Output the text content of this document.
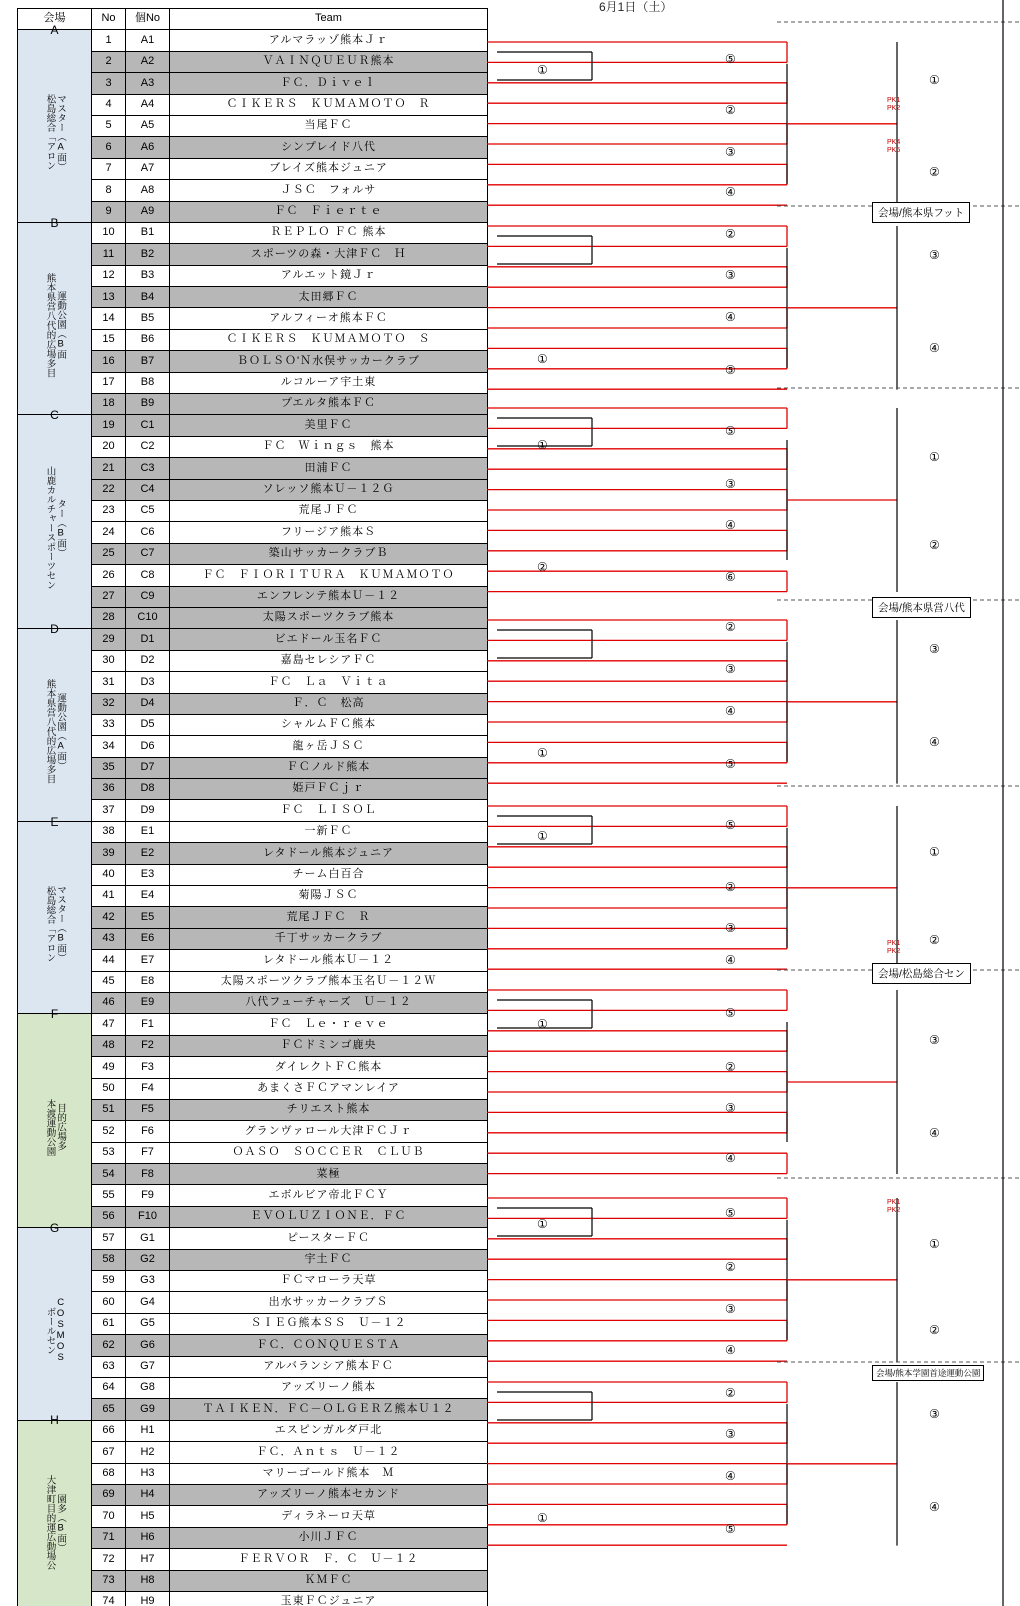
会場	No	個No	Team

A
マスター（A面）
松島総合「アロン	1	A1	アルマラッゾ熊本Ｊｒ
	2	A2	ＶＡＩＮＱＵＥＵＲ熊本
	3	A3	ＦＣ．Ｄｉｖｅｌ
	4	A4	ＣＩＫＥＲＳ　ＫＵＭＡＭＯＴＯ　Ｒ
	5	A5	当尾ＦＣ
	6	A6	シンプレイド八代
	7	A7	ブレイズ熊本ジュニア
	8	A8	ＪＳＣ　フォルサ
	9	A9	ＦＣ　Ｆｉｅｒｔｅ

B
運動公園（B面
熊本県営八代的広場多目	10	B1	ＲＥＰＬＯ ＦＣ 熊本
	11	B2	スポーツの森・大津ＦＣ　Ｈ
	12	B3	アルエット鏡Ｊｒ
	13	B4	太田郷ＦＣ
	14	B5	アルフィーオ熊本ＦＣ
	15	B6	ＣＩＫＥＲＳ　ＫＵＭＡＭＯＴＯ　Ｓ
	16	B7	ＢＯＬＳＯ'Ｎ水俣サッカークラブ
	17	B8	ルコルーア宇土東
	18	B9	プエルタ熊本ＦＣ

C
ター（B面）
山鹿カルチャースポーツセン	19	C1	美里ＦＣ
	20	C2	ＦＣ　Ｗｉｎｇｓ　熊本
	21	C3	田浦ＦＣ
	22	C4	ソレッソ熊本Ｕ－１２Ｇ
	23	C5	荒尾ＪＦＣ
	24	C6	フリージア熊本Ｓ
	25	C7	築山サッカークラブＢ
	26	C8	ＦＣ　ＦＩＯＲＩＴＵＲＡ　ＫＵＭＡＭＯＴＯ
	27	C9	エンフレンテ熊本Ｕ－１２
	28	C10	太陽スポーツクラブ熊本

D
運動公園（A面）
熊本県営八代的広場多目	29	D1	ビエドール玉名ＦＣ
	30	D2	嘉島セレシアＦＣ
	31	D3	ＦＣ　Ｌａ　Ｖｉｔａ
	32	D4	Ｆ．Ｃ　松高
	33	D5	シャルムＦＣ熊本
	34	D6	龍ヶ岳ＪＳＣ
	35	D7	ＦＣノルド熊本
	36	D8	姫戸ＦＣｊｒ
	37	D9	ＦＣ　ＬＩＳＯＬ

E
マスター（B面）
松島総合「アロン	38	E1	一新ＦＣ
	39	E2	レタドール熊本ジュニア
	40	E3	チーム白百合
	41	E4	菊陽ＪＳＣ
	42	E5	荒尾ＪＦＣ　Ｒ
	43	E6	千丁サッカークラブ
	44	E7	レタドール熊本Ｕ－１２
	45	E8	太陽スポーツクラブ熊本玉名Ｕ－１２Ｗ
	46	E9	八代フューチャーズ　Ｕ－１２

F
目的広場多
本渡運動公園	47	F1	ＦＣ　Ｌｅ・ｒｅｖｅ
	48	F2	ＦＣドミンゴ鹿央
	49	F3	ダイレクトＦＣ熊本
	50	F4	あまくさＦＣアマンレイア
	51	F5	チリエスト熊本
	52	F6	グランヴァロール大津ＦＣＪｒ
	53	F7	ＯＡＳＯ　ＳＯＣＣＥＲ　ＣＬＵＢ
	54	F8	菜極
	55	F9	エボルビア帝北ＦＣＹ
	56	F10	ＥＶＯＬＵＺＩＯＮＥ．ＦＣ

G
COSMOS
ボールセン	57	G1	ピースターＦＣ
	58	G2	宇土ＦＣ
	59	G3	ＦＣマローラ天草
	60	G4	出水サッカークラブＳ
	61	G5	ＳＩＥＧ熊本ＳＳ　Ｕ－１２
	62	G6	ＦＣ．ＣＯＮＱＵＥＳＴＡ
	63	G7	アルバランシア熊本ＦＣ
	64	G8	アッズリーノ熊本
	65	G9	ＴＡＩＫＥＮ．ＦＣ－ＯＬＧＥＲＺ熊本Ｕ１２

H
園多（B面）
大津町目的運広動場公	66	H1	エスピンガルダ戸北
	67	H2	ＦＣ．Ａｎｔｓ　Ｕ－１２
	68	H3	マリーゴールド熊本　Ｍ
	69	H4	アッズリーノ熊本セカンド
	70	H5	ディラネーロ天草
	71	H6	小川ＪＦＣ
	72	H7	ＦＥＲＶＯＲ　Ｆ．Ｃ　Ｕ－１２
	73	H8	ＫＭＦＣ
	74	H9	玉東ＦＣジュニア
6月1日（土）
①
⑤
①
②
③
②
④
②
③
③
④
①
④
⑤
①
⑤
①
③
④
②
②
⑥
②
③
③
④
①
④
⑤
⑤
①
①
②
③
②
④
⑤
①
③
②
③
④
④
⑤
①
①
②
③
②
④
②
③
③
④
①
④
⑤
PK1
PK2
PK4
PK5
PK1
PK2
PK1
PK2
会場/熊本県フット
会場/熊本県営八代
会場/松島総合セン
会場/熊本学園首途運動公園
